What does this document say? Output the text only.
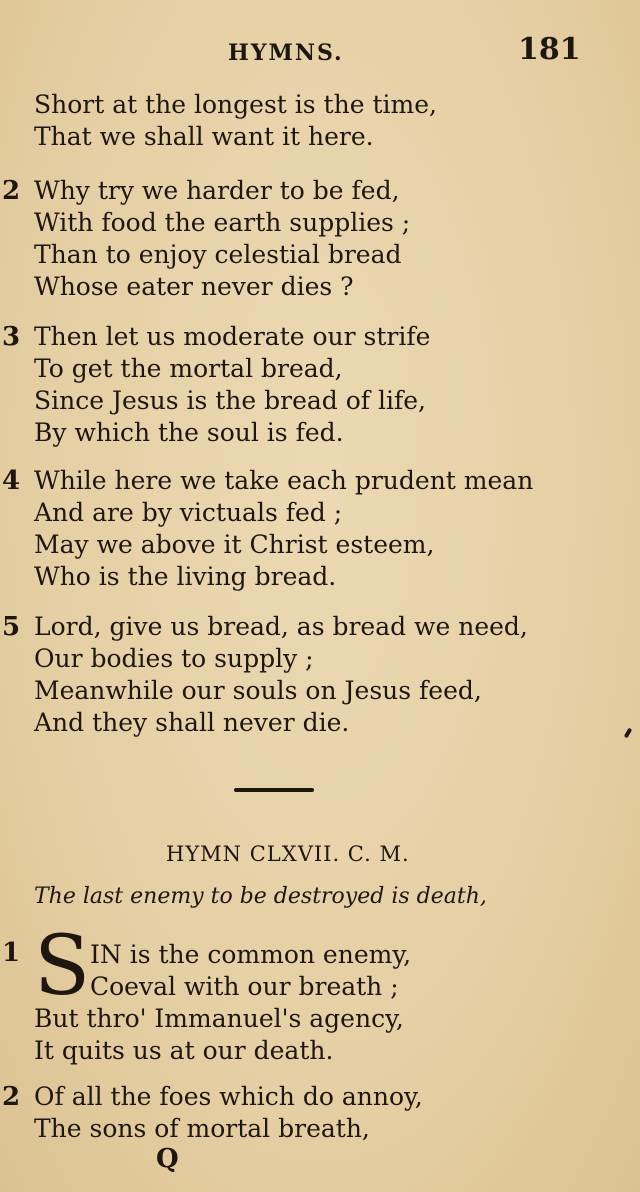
HYMNS.	181
Short at the longest is the time,
That we shall want it here.
2 Why try we harder to be fed,
With food the earth supplies ;
Than to enjoy celestial bread
Whose eater never dies ?
3 Then let us moderate our strife
To get the mortal bread,
Since Jesus is the bread of life,
By which the soul is fed.
4 While here we take each prudent mean
And are by victuals fed ;
May we above it Christ esteem,
Who is the living bread.
5 Lord, give us bread, as bread we need,
Our bodies to supply ;
Meanwhile our souls on Jesus feed,
And they shall never die.
HYMN CLXVII. C. M.
The last enemy to be destroyed is death,
1 S IN is the common enemy,
Coeval with our breath ;
But thro' Immanuel's agency,
It quits us at our death.
2 Of all the foes which do annoy,
The sons of mortal breath,
Q
